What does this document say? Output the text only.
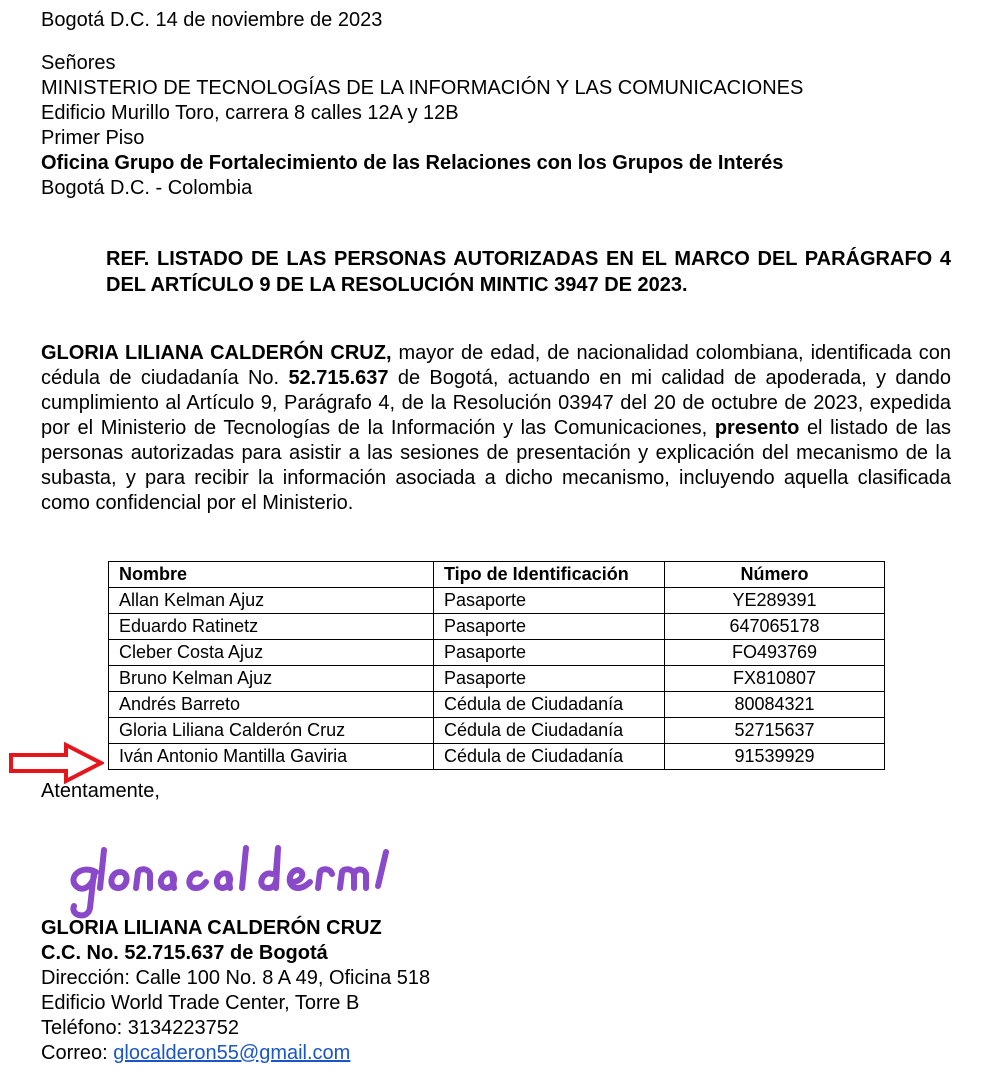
Bogotá D.C. 14 de noviembre de 2023
Señores
MINISTERIO DE TECNOLOGÍAS DE LA INFORMACIÓN Y LAS COMUNICACIONES
Edificio Murillo Toro, carrera 8 calles 12A y 12B
Primer Piso
Oficina Grupo de Fortalecimiento de las Relaciones con los Grupos de Interés
Bogotá D.C. - Colombia
REF. LISTADO DE LAS PERSONAS AUTORIZADAS EN EL MARCO DEL PARÁGRAFO 4 DEL ARTÍCULO 9 DE LA RESOLUCIÓN MINTIC 3947 DE 2023.
GLORIA LILIANA CALDERÓN CRUZ, mayor de edad, de nacionalidad colombiana, identificada con cédula de ciudadanía No. 52.715.637 de Bogotá, actuando en mi calidad de apoderada, y dando cumplimiento al Artículo 9, Parágrafo 4, de la Resolución 03947 del 20 de octubre de 2023, expedida por el Ministerio de Tecnologías de la Información y las Comunicaciones, presento el listado de las personas autorizadas para asistir a las sesiones de presentación y explicación del mecanismo de la subasta, y para recibir la información asociada a dicho mecanismo, incluyendo aquella clasificada como confidencial por el Ministerio.
Nombre	Tipo de Identificación	Número
Allan Kelman Ajuz	Pasaporte	YE289391
Eduardo Ratinetz	Pasaporte	647065178
Cleber Costa Ajuz	Pasaporte	FO493769
Bruno Kelman Ajuz	Pasaporte	FX810807
Andrés Barreto	Cédula de Ciudadanía	80084321
Gloria Liliana Calderón Cruz	Cédula de Ciudadanía	52715637
Iván Antonio Mantilla Gaviria	Cédula de Ciudadanía	91539929
Atentamente,
GLORIA LILIANA CALDERÓN CRUZ
C.C. No. 52.715.637 de Bogotá
Dirección: Calle 100 No. 8 A 49, Oficina 518
Edificio World Trade Center, Torre B
Teléfono: 3134223752
Correo: glocalderon55@gmail.com
